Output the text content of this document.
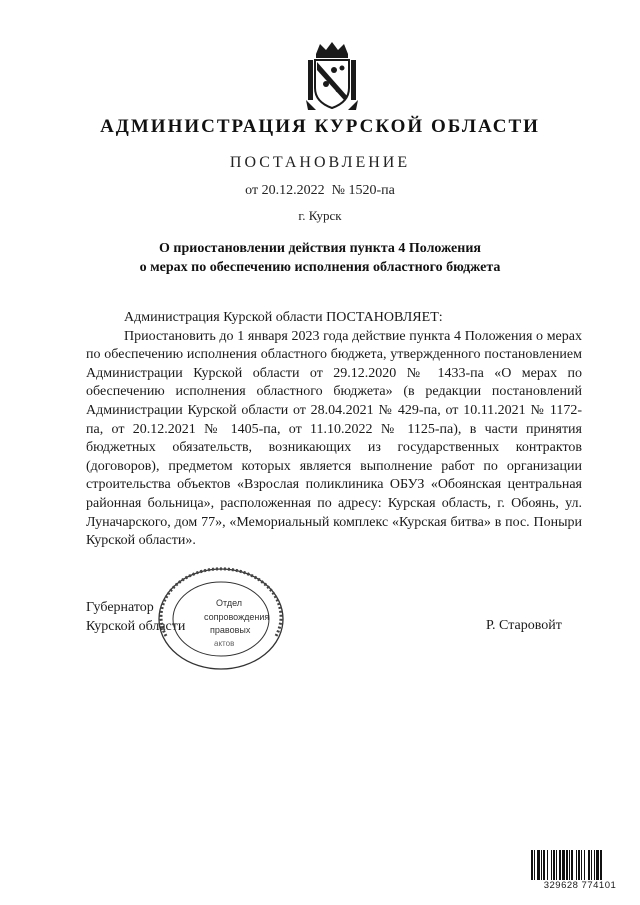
АДМИНИСТРАЦИЯ КУРСКОЙ ОБЛАСТИ
ПОСТАНОВЛЕНИЕ
от 20.12.2022  № 1520-па
г. Курск
О приостановлении действия пункта 4 Положения
о мерах по обеспечению исполнения областного бюджета

Администрация Курской области ПОСТАНОВЛЯЕТ:

Приостановить до 1 января 2023 года действие пункта 4 Положения о мерах по обеспечению исполнения областного бюджета, утвержденного постановлением Администрации Курской области от 29.12.2020 № 1433-па «О мерах по обеспечению исполнения областного бюджета» (в редакции постановлений Администрации Курской области от 28.04.2021 № 429-па, от 10.11.2021 № 1172-па, от 20.12.2021 № 1405-па, от 11.10.2022 № 1125-па), в части принятия бюджетных обязательств, возникающих из государственных контрактов (договоров), предметом которых является выполнение работ по организации строительства объектов «Взрослая поликлиника ОБУЗ «Обоянская центральная районная больница», расположенная по адресу: Курская область, г. Обоянь, ул. Луначарского, дом 77», «Мемориальный комплекс «Курская битва» в пос. Поныри Курской области».

Губернатор
Курской области	Р. Старовойт
Отдел
сопровождения
правовых
актов
329628 774101
